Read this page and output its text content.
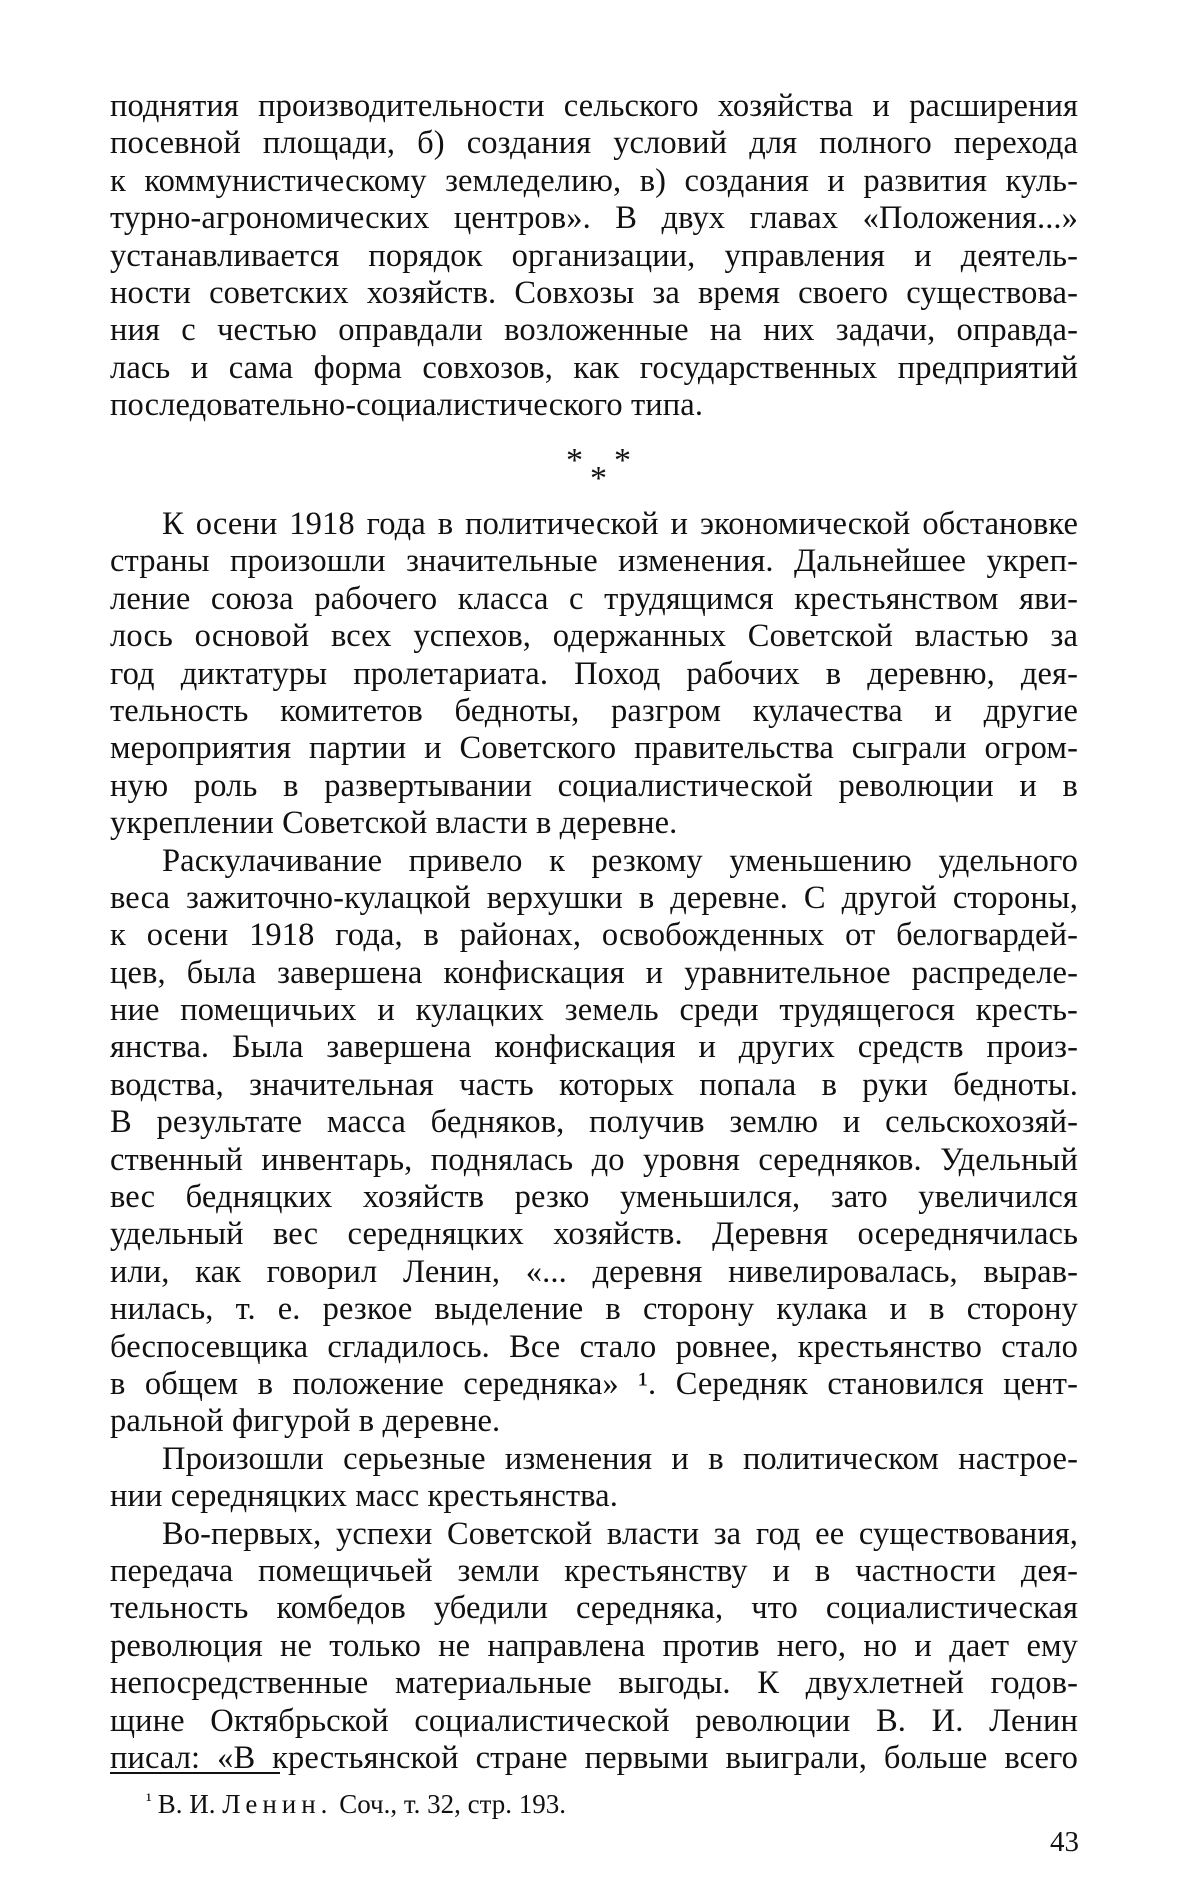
поднятия производительности сельского хозяйства и расширения
посевной площади, б) создания условий для полного перехода
к коммунистическому земледелию, в) создания и развития куль-
турно-агрономических центров». В двух главах «Положения...»
устанавливается порядок организации, управления и деятель-
ности советских хозяйств. Совхозы за время своего существова-
ния с честью оправдали возложенные на них задачи, оправда-
лась и сама форма совхозов, как государственных предприятий
последовательно-социалистического типа.
* * *
К осени 1918 года в политической и экономической обстановке
страны произошли значительные изменения. Дальнейшее укреп-
ление союза рабочего класса с трудящимся крестьянством яви-
лось основой всех успехов, одержанных Советской властью за
год диктатуры пролетариата. Поход рабочих в деревню, дея-
тельность комитетов бедноты, разгром кулачества и другие
мероприятия партии и Советского правительства сыграли огром-
ную роль в развертывании социалистической революции и в
укреплении Советской власти в деревне.
Раскулачивание привело к резкому уменьшению удельного
веса зажиточно-кулацкой верхушки в деревне. С другой стороны,
к осени 1918 года, в районах, освобожденных от белогвардей-
цев, была завершена конфискация и уравнительное распределе-
ние помещичьих и кулацких земель среди трудящегося кресть-
янства. Была завершена конфискация и других средств произ-
водства, значительная часть которых попала в руки бедноты.
В результате масса бедняков, получив землю и сельскохозяй-
ственный инвентарь, поднялась до уровня середняков. Удельный
вес бедняцких хозяйств резко уменьшился, зато увеличился
удельный вес середняцких хозяйств. Деревня осереднячилась
или, как говорил Ленин, «... деревня нивелировалась, вырав-
нилась, т. е. резкое выделение в сторону кулака и в сторону
беспосевщика сгладилось. Все стало ровнее, крестьянство стало
в общем в положение середняка» ¹. Середняк становился цент-
ральной фигурой в деревне.
Произошли серьезные изменения и в политическом настрое-
нии середняцких масс крестьянства.
Во-первых, успехи Советской власти за год ее существования,
передача помещичьей земли крестьянству и в частности дея-
тельность комбедов убедили середняка, что социалистическая
революция не только не направлена против него, но и дает ему
непосредственные материальные выгоды. К двухлетней годов-
щине Октябрьской социалистической революции В. И. Ленин
писал: «В крестьянской стране первыми выиграли, больше всего
$^{^1}$ В. И. Ленин. Соч., т. 32, стр. 193.
43
